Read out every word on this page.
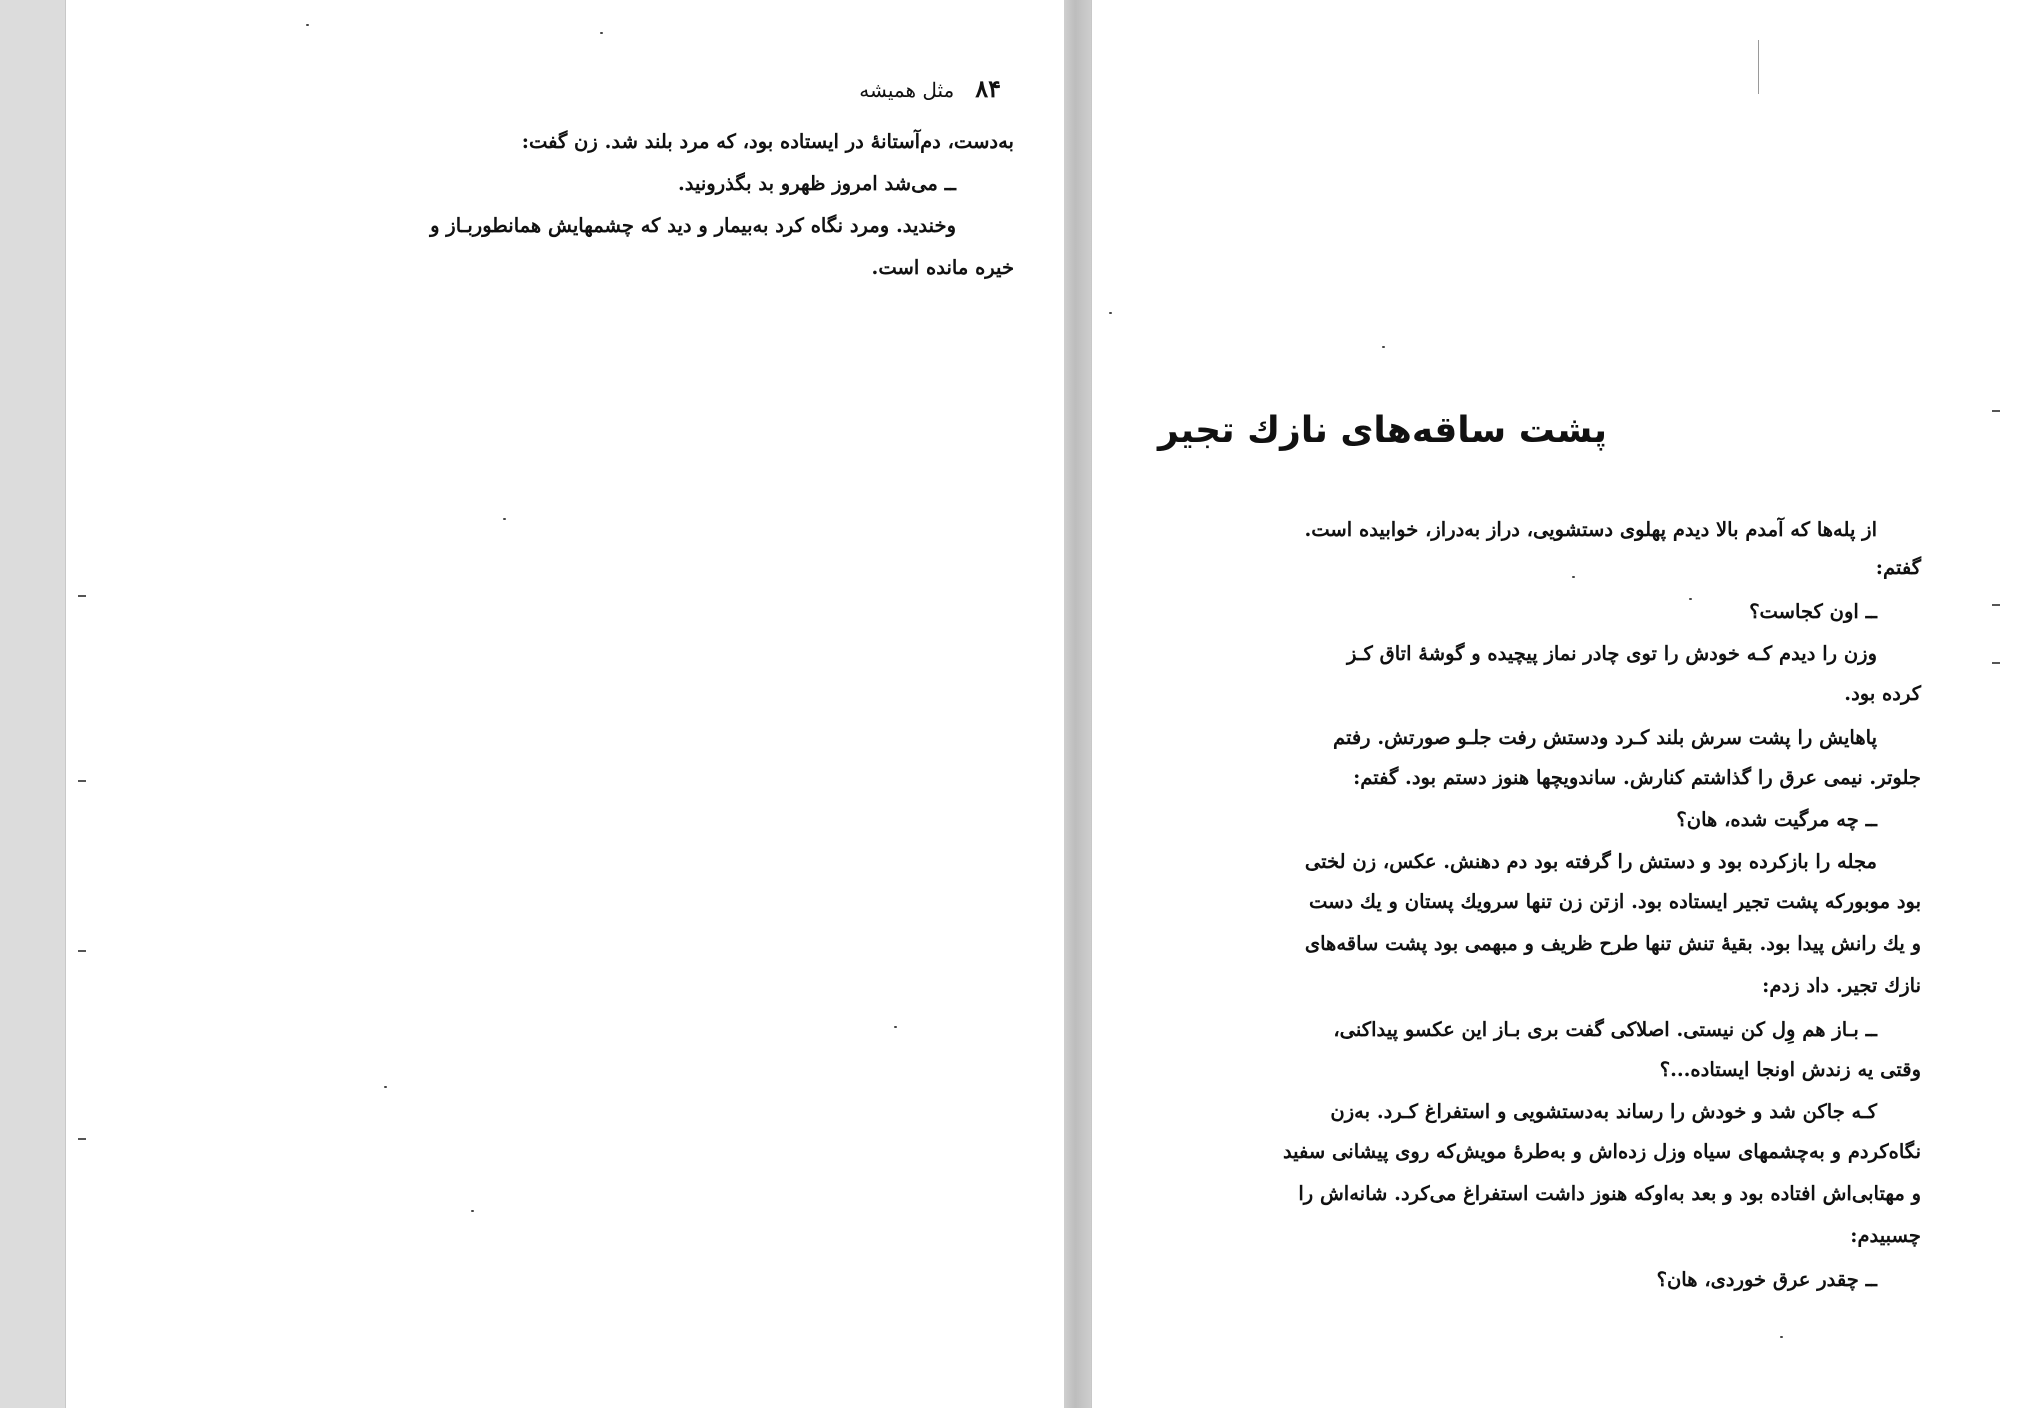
۸۴ مثل همیشه
به‌دست، دم‌آستانهٔ در ایستاده بود، که مرد بلند شد. زن گفت:
ــ می‌شد امروز ظهرو بد بگذرونید.
وخندید. ومرد نگاه کرد به‌بیمار و دید که چشمهایش همانطوربـاز و
خیره مانده است.
پشت ساقه‌های نازك تجیر
از پله‌ها که آمدم بالا دیدم پهلوی دستشویی، دراز به‌دراز، خوابیده است.
گفتم:
ــ اون کجاست؟
وزن را دیدم کـه خودش را توی چادر نماز پیچیده و گوشهٔ اتاق کـز
کرده بود.
پاهایش را پشت سرش بلند کـرد ودستش رفت جلـو صورتش. رفتم
جلوتر. نیمی عرق را گذاشتم کنارش. ساندویچها هنوز دستم بود. گفتم:
ــ چه مرگیت شده، هان؟
مجله را بازکرده بود و دستش را گرفته بود دم دهنش. عکس، زن لختی
بود موبورکه پشت تجیر ایستاده بود. ازتن زن تنها سرویك پستان و یك دست
و یك رانش پیدا بود. بقیهٔ تنش تنها طرح ظریف و مبهمی بود پشت ساقه‌های
نازك تجیر. داد زدم:
ــ بـاز هم وِل کن نیستی. اصلاکی گفت بری بـاز این عکسو پیداکنی،
وقتی یه زندش اونجا ایستاده...؟
کـه جاکن شد و خودش را رساند به‌دستشویی و استفراغ کـرد. به‌زن
نگاه‌کردم و به‌چشمهای سیاه وزل زده‌اش و به‌طرهٔ مویش‌که روی پیشانی سفید
و مهتابی‌اش افتاده بود و بعد به‌او‌که هنوز داشت استفراغ می‌کرد. شانه‌اش را
چسبیدم:
ــ چقدر عرق خوردی، هان؟
